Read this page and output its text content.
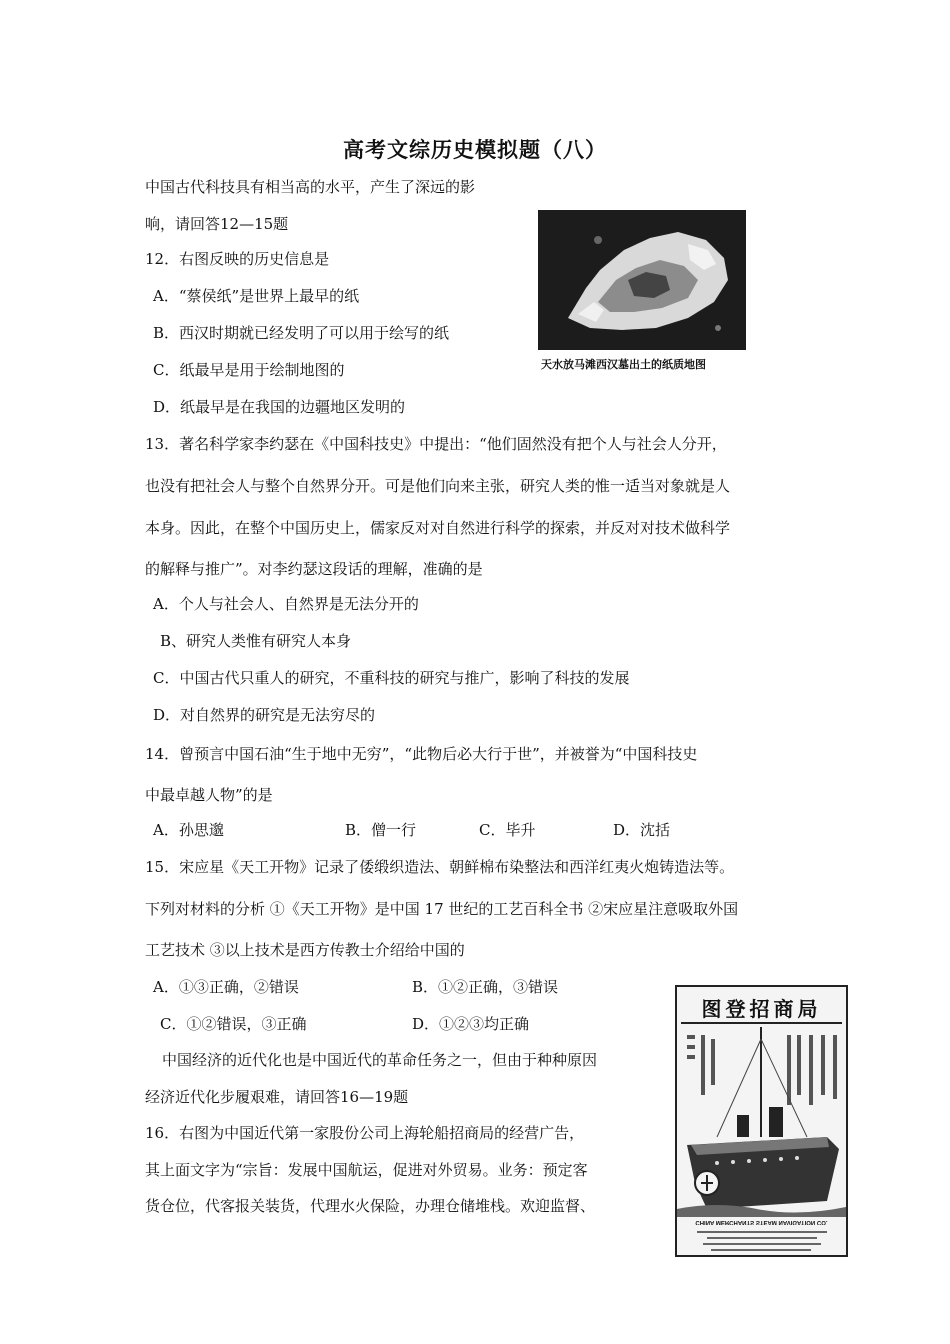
高考文综历史模拟题（八）
中国古代科技具有相当高的水平，产生了深远的影
响，请回答12—15题
12．右图反映的历史信息是
A．“蔡侯纸”是世界上最早的纸
B．西汉时期就已经发明了可以用于绘写的纸
C．纸最早是用于绘制地图的
D．纸最早是在我国的边疆地区发明的
天水放马滩西汉墓出土的纸质地图
13．著名科学家李约瑟在《中国科技史》中提出：“他们固然没有把个人与社会人分开，
也没有把社会人与整个自然界分开。可是他们向来主张，研究人类的惟一适当对象就是人
本身。因此，在整个中国历史上，儒家反对对自然进行科学的探索，并反对对技术做科学
的解释与推广”。对李约瑟这段话的理解，准确的是
A．个人与社会人、自然界是无法分开的
B、研究人类惟有研究人本身
C．中国古代只重人的研究，不重科技的研究与推广，影响了科技的发展
D．对自然界的研究是无法穷尽的
14．曾预言中国石油“生于地中无穷”，“此物后必大行于世”，并被誉为“中国科技史
中最卓越人物”的是
A．孙思邈	B．僧一行	C．毕升	D．沈括
15．宋应星《天工开物》记录了倭缎织造法、朝鲜棉布染整法和西洋红夷火炮铸造法等。
下列对材料的分析 ①《天工开物》是中国 17 世纪的工艺百科全书 ②宋应星注意吸取外国
工艺技术 ③以上技术是西方传教士介绍给中国的
A．①③正确，②错误	B．①②正确，③错误
C．①②错误，③正确	D．①②③均正确
中国经济的近代化也是中国近代的革命任务之一，但由于种种原因
经济近代化步履艰难，请回答16—19题
16．右图为中国近代第一家股份公司上海轮船招商局的经营广告，
其上面文字为“宗旨：发展中国航运，促进对外贸易。业务：预定客
货仓位，代客报关装货，代理水火保险，办理仓储堆栈。欢迎监督、
局商招登图
CHINA MERCHANTS STEAM NAVIGATION CO.
